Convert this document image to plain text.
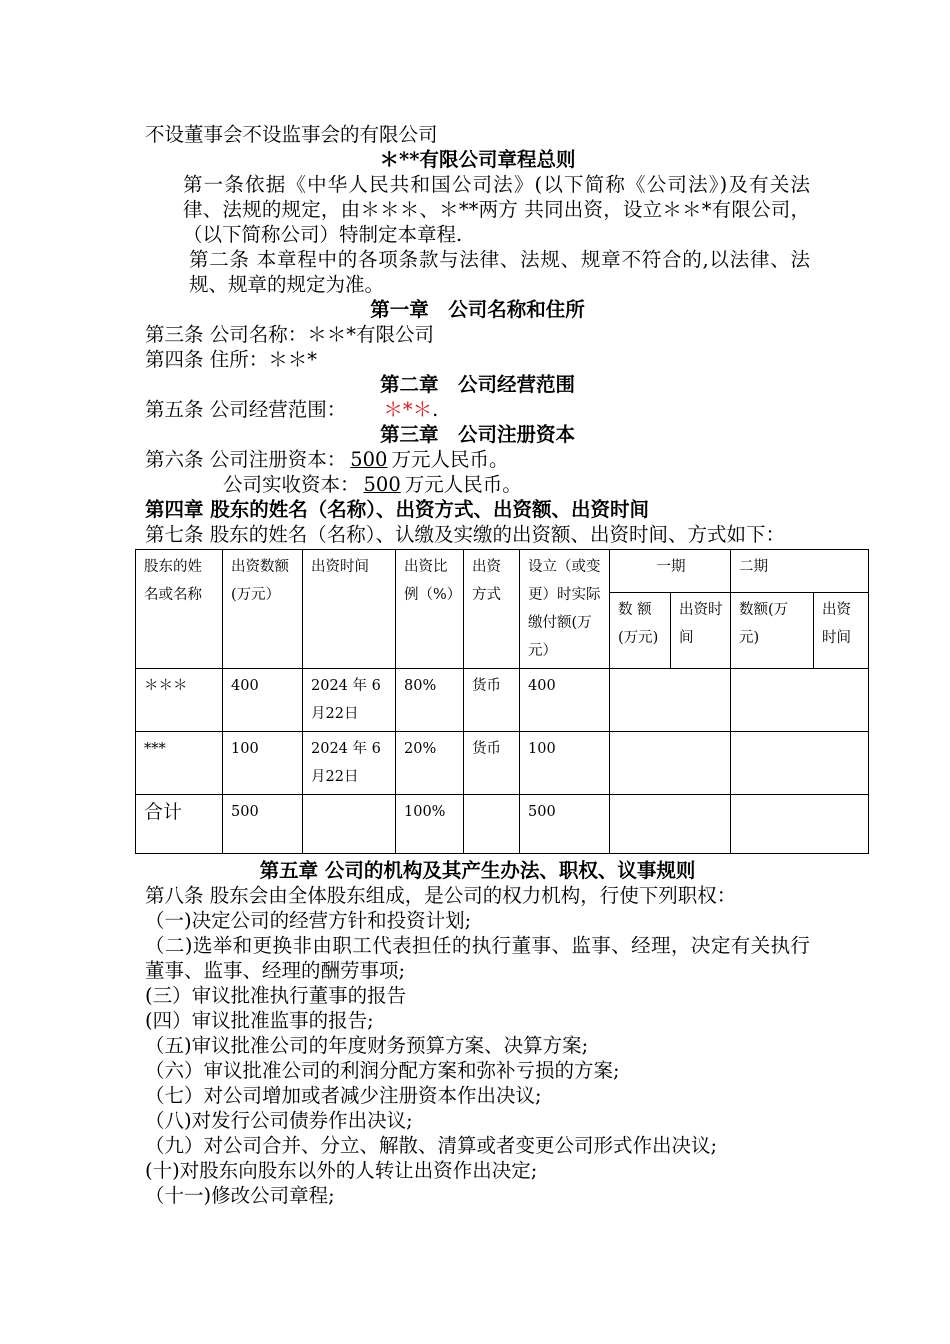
不设董事会不设监事会的有限公司

＊**有限公司章程总则

第一条依据《中华人民共和国公司法》(以下简称《公司法》)及有关法律、法规的规定，由＊＊＊、＊**两方 共同出资，设立＊＊*有限公司，（以下简称公司）特制定本章程.

第二条 本章程中的各项条款与法律、法规、规章不符合的,以法律、法规、规章的规定为准。

第一章　公司名称和住所

第三条 公司名称：＊＊*有限公司

第四条 住所：＊＊*

第二章　公司经营范围

第五条 公司经营范围： ＊*＊.

第三章　公司注册资本

第六条 公司注册资本： 500 万元人民币。

公司实收资本： 500 万元人民币。

第四章 股东的姓名（名称）、出资方式、出资额、出资时间

第七条 股东的姓名（名称）、认缴及实缴的出资额、出资时间、方式如下：

股东的姓名或名称	出资数额(万元）	出资时间	出资比例（%）	出资方式	设立（或变更）时实际缴付额(万元）	一期		二期	
						数 额(万元)	出资时间	数额(万元)	出资时间
＊＊＊	400	2024 年 6 月22日	80%	货币	400				
***	100	2024 年 6 月22日	20%	货币	100				
合计	500		100%		500				

第五章 公司的机构及其产生办法、职权、议事规则

第八条 股东会由全体股东组成，是公司的权力机构，行使下列职权：

（一)决定公司的经营方针和投资计划;

（二)选举和更换非由职工代表担任的执行董事、监事、经理，决定有关执行董事、监事、经理的酬劳事项;

(三）审议批准执行董事的报告

(四）审议批准监事的报告;

（五)审议批准公司的年度财务预算方案、决算方案;

（六）审议批准公司的利润分配方案和弥补亏损的方案;

（七）对公司增加或者减少注册资本作出决议;

（八)对发行公司债券作出决议;

（九）对公司合并、分立、解散、清算或者变更公司形式作出决议;

(十)对股东向股东以外的人转让出资作出决定;

（十一)修改公司章程;
